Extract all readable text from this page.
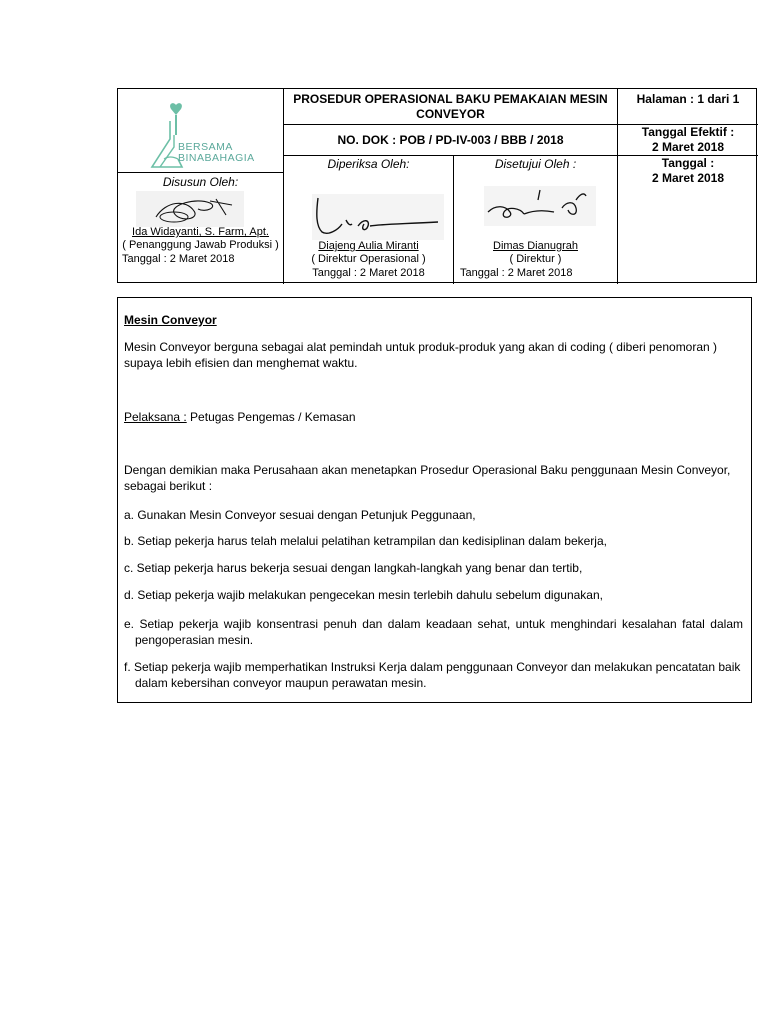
BERSAMA
BINABAHAGIA
PROSEDUR OPERASIONAL BAKU PEMAKAIAN MESIN CONVEYOR
Halaman : 1 dari 1
NO. DOK : POB / PD-IV-003 / BBB / 2018
Tanggal Efektif :
2 Maret 2018
Disusun Oleh:
Ida Widayanti, S. Farm, Apt.
( Penanggung Jawab Produksi )
Tanggal : 2 Maret 2018
Diperiksa Oleh:
Diajeng Aulia Miranti
( Direktur Operasional )
Tanggal : 2 Maret 2018
Disetujui Oleh :
Dimas Dianugrah
( Direktur )
Tanggal : 2 Maret 2018
Tanggal :
2 Maret 2018
Mesin Conveyor
Mesin Conveyor berguna sebagai alat pemindah untuk produk-produk yang akan di coding ( diberi penomoran ) supaya lebih efisien dan menghemat waktu.
Pelaksana : Petugas Pengemas / Kemasan
Dengan demikian maka Perusahaan akan menetapkan Prosedur Operasional Baku penggunaan Mesin Conveyor, sebagai berikut :
a. Gunakan Mesin Conveyor sesuai dengan Petunjuk Peggunaan,
b. Setiap pekerja harus telah melalui pelatihan ketrampilan dan kedisiplinan dalam bekerja,
c. Setiap pekerja harus bekerja sesuai dengan langkah-langkah yang benar dan tertib,
d. Setiap pekerja wajib melakukan pengecekan mesin terlebih dahulu sebelum digunakan,
e. Setiap pekerja wajib konsentrasi penuh dan dalam keadaan sehat, untuk menghindari kesalahan fatal dalam pengoperasian mesin.
f. Setiap pekerja wajib memperhatikan Instruksi Kerja dalam penggunaan Conveyor dan melakukan pencatatan baik dalam kebersihan conveyor maupun perawatan mesin.
